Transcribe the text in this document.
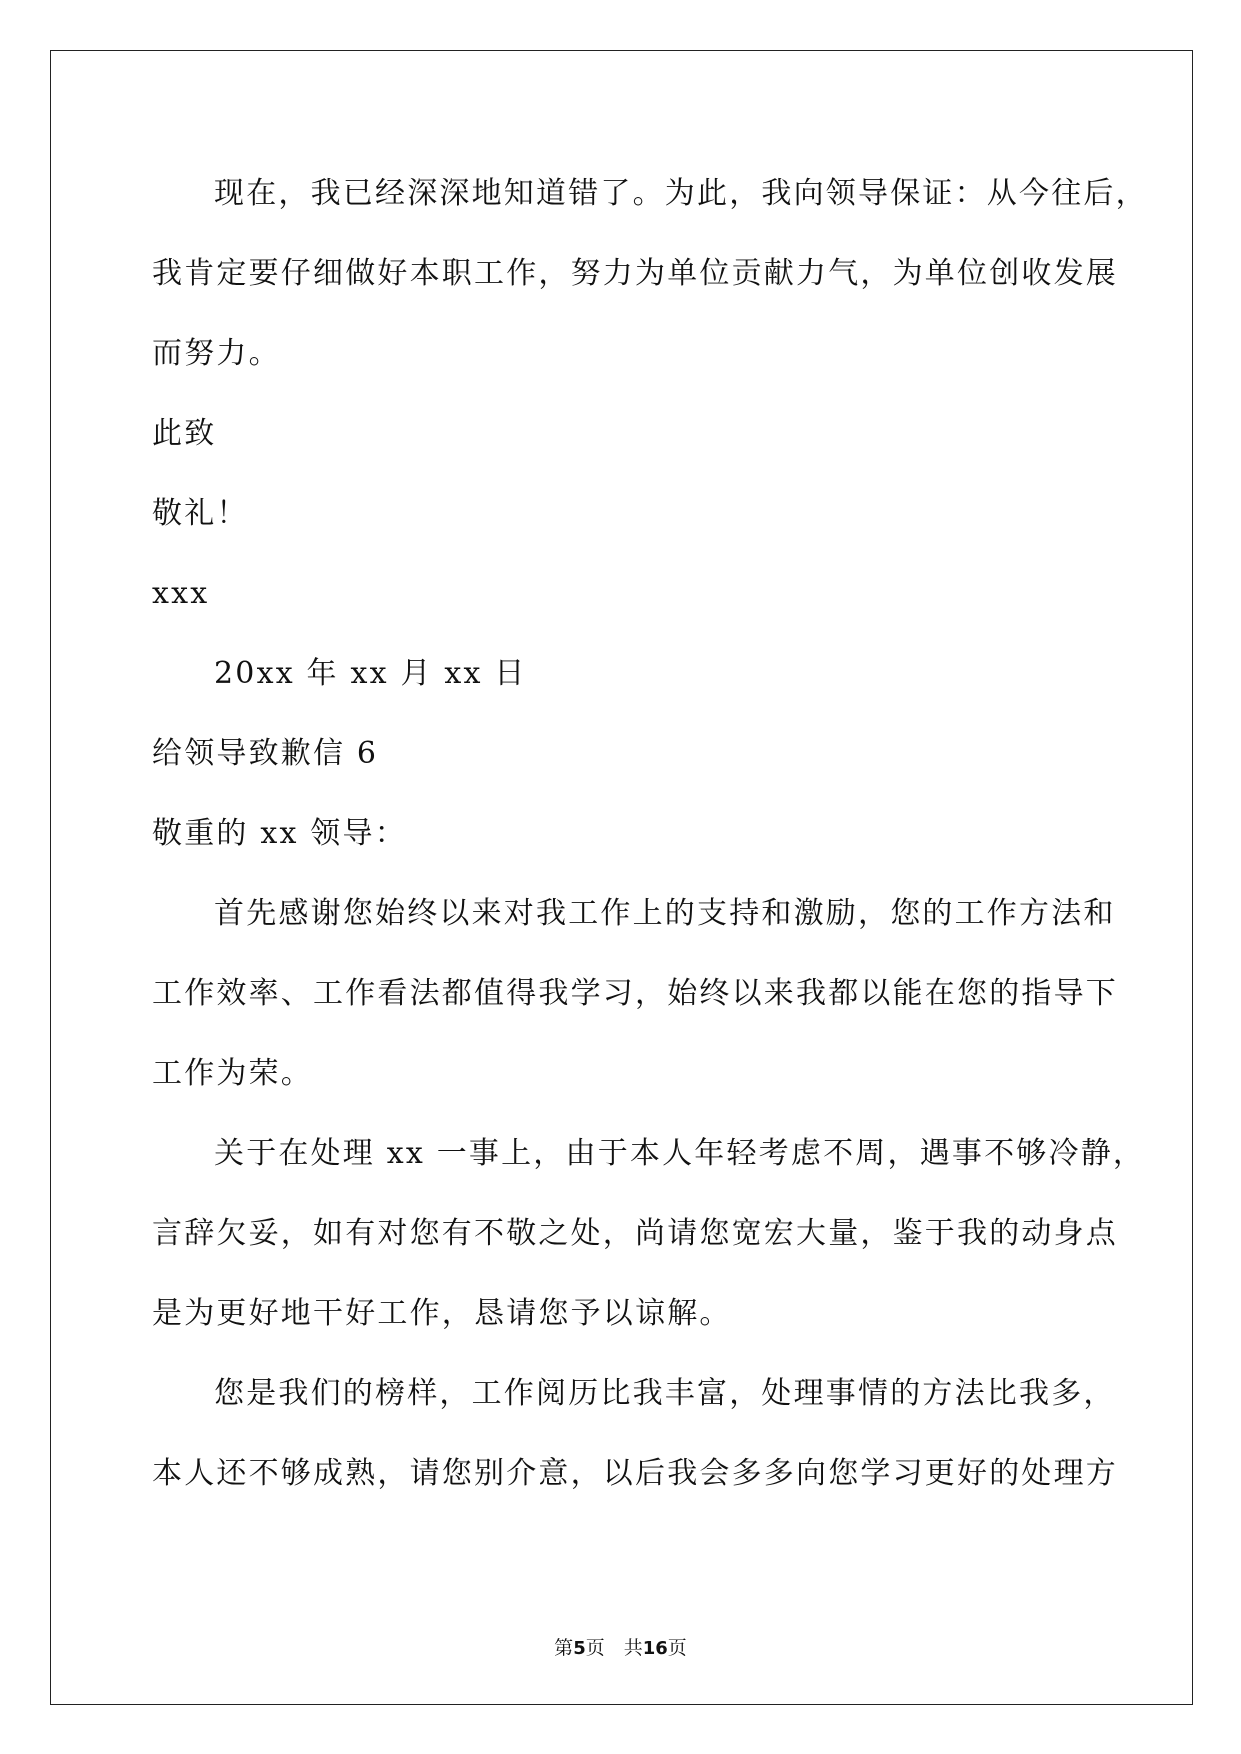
现在，我已经深深地知道错了。为此，我向领导保证：从今往后，
我肯定要仔细做好本职工作，努力为单位贡献力气，为单位创收发展
而努力。
此致
敬礼！
xxx
20xx 年 xx 月 xx 日
给领导致歉信 6
敬重的 xx 领导：
首先感谢您始终以来对我工作上的支持和激励，您的工作方法和
工作效率、工作看法都值得我学习，始终以来我都以能在您的指导下
工作为荣。
关于在处理 xx 一事上，由于本人年轻考虑不周，遇事不够冷静，
言辞欠妥，如有对您有不敬之处，尚请您宽宏大量，鉴于我的动身点
是为更好地干好工作，恳请您予以谅解。
您是我们的榜样，工作阅历比我丰富，处理事情的方法比我多，
本人还不够成熟，请您别介意，以后我会多多向您学习更好的处理方
第5页　共16页
